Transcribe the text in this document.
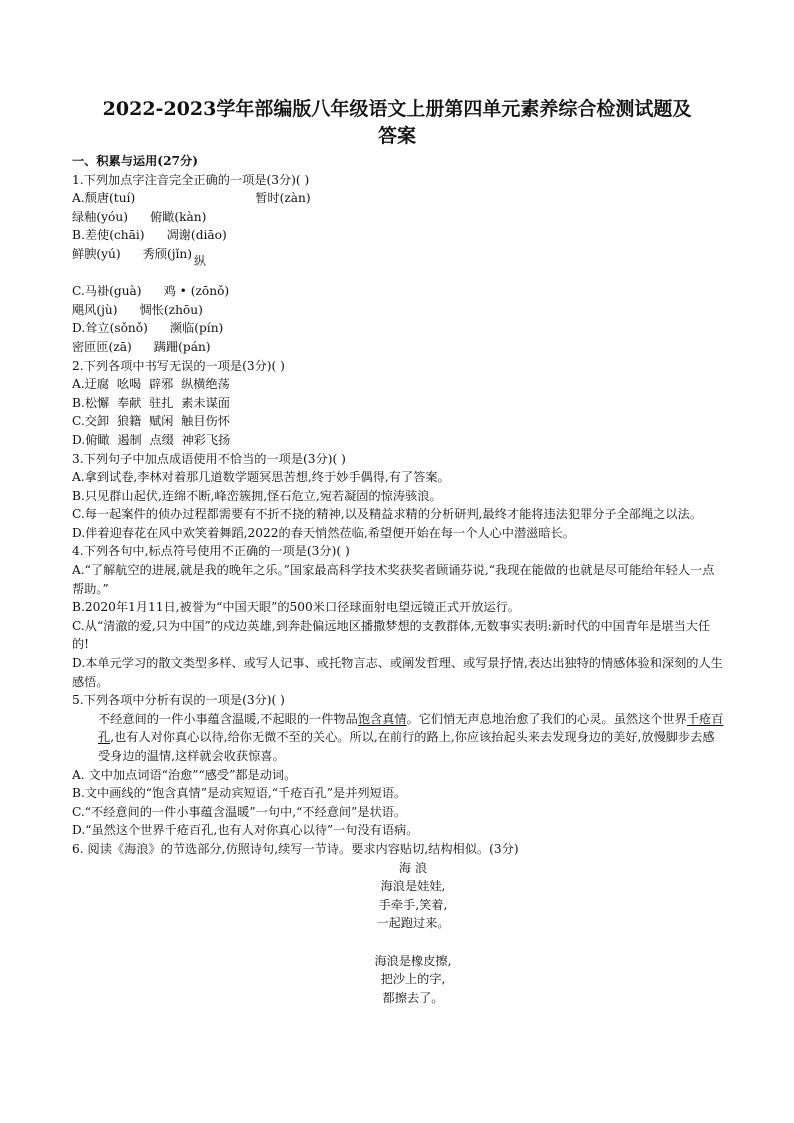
2022-2023学年部编版八年级语文上册第四单元素养综合检测试题及
答案
一、积累与运用(27分)
1.下列加点字注音完全正确的一项是(3分)( )
A.颓唐(tuí)	暂时(zàn)
绿釉(yóu) 俯瞰(kàn)
B.差使(chāi) 凋谢(diāo)
鲜腴(yú) 秀颀(jǐn) 纵
C.马褂(guà) 鸡 • (zōnǒ)
飓风(jù) 惆怅(zhōu)
D.耸立(sǒnǒ) 濒临(pín)
密匝匝(zā) 蹒跚(pán)
2.下列各项中书写无误的一项是(3分)( )
A.迂腐 吆喝 辟邪 纵横绝荡
B.松懈 奉献 驻扎 素未谋面
C.交卸 狼籍 赋闲 触目伤怀
D.俯瞰 遏制 点缀 神彩飞扬
3.下列句子中加点成语使用不恰当的一项是(3分)( )
A.拿到试卷,李林对着那几道数学题冥思苦想,终于妙手偶得,有了答案。
B.只见群山起伏,连绵不断,峰峦簇拥,怪石危立,宛若凝固的惊涛骇浪。
C.每一起案件的侦办过程都需要有不折不挠的精神,以及精益求精的分析研判,最终才能将违法犯罪分子全部绳之以法。
D.伴着迎春花在风中欢笑着舞蹈,2022的春天悄然莅临,希望便开始在每一个人心中潜滋暗长。
4.下列各句中,标点符号使用不正确的一项是(3分)( )
A.“了解航空的进展,就是我的晚年之乐。”国家最高科学技术奖获奖者顾诵芬说,“我现在能做的也就是尽可能给年轻人一点帮助。”
B.2020年1月11日,被誉为“中国天眼”的500米口径球面射电望远镜正式开放运行。
C.从“清澈的爱,只为中国”的戍边英雄,到奔赴偏远地区播撒梦想的支教群体,无数事实表明:新时代的中国青年是堪当大任的!
D.本单元学习的散文类型多样、或写人记事、或托物言志、或阐发哲理、或写景抒情,表达出独特的情感体验和深刻的人生感悟。
5.下列各项中分析有误的一项是(3分)( )
不经意间的一件小事蕴含温暖,不起眼的一件物品饱含真情。它们悄无声息地治愈了我们的心灵。虽然这个世界千疮百孔,也有人对你真心以待,给你无微不至的关心。所以,在前行的路上,你应该抬起头来去发现身边的美好,放慢脚步去感受身边的温情,这样就会收获惊喜。
A. 文中加点词语“治愈”“感受”都是动词。
B.文中画线的“饱含真情”是动宾短语,“千疮百孔”是并列短语。
C.“不经意间的一件小事蕴含温暖”一句中,“不经意间”是状语。
D.“虽然这个世界千疮百孔,也有人对你真心以待”一句没有语病。
6. 阅读《海浪》的节选部分,仿照诗句,续写一节诗。要求内容贴切,结构相似。(3分)
海 浪
海浪是娃娃,
手牵手,笑着,
一起跑过来。
海浪是橡皮擦,
把沙上的字,
都擦去了。
